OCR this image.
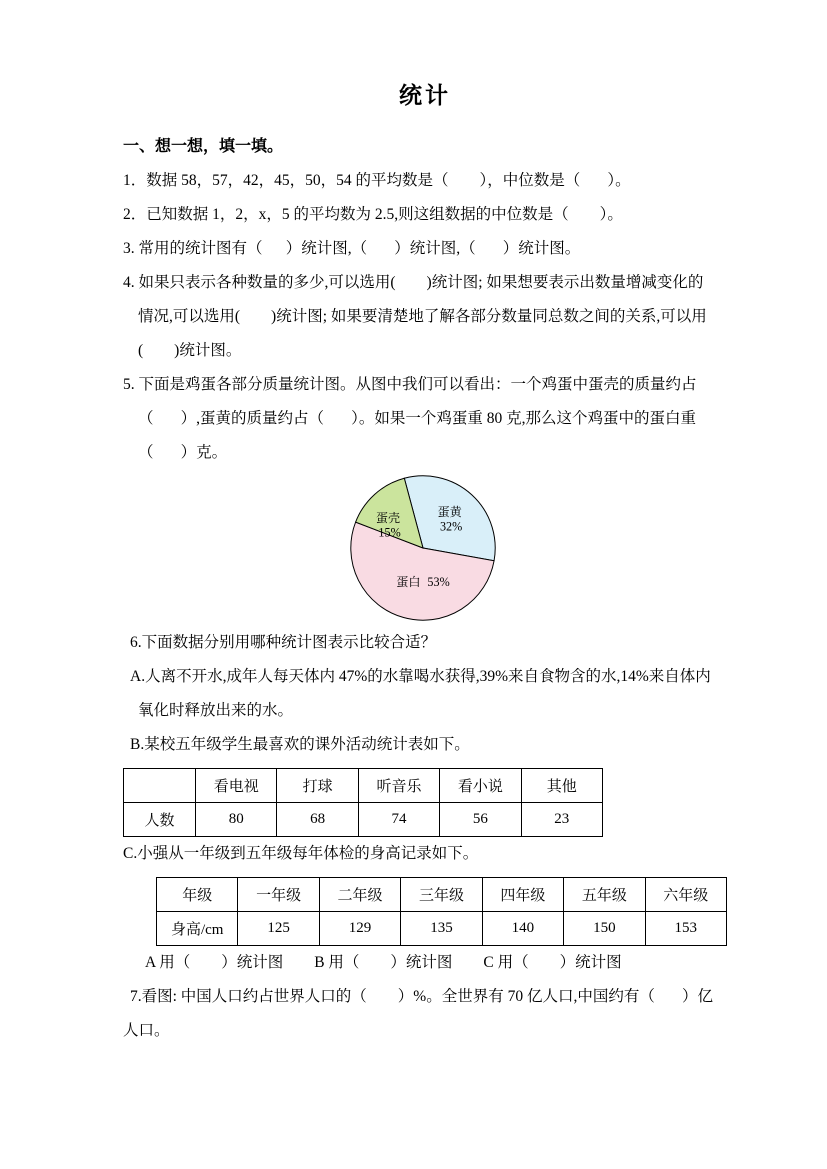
统计

一、想一想，填一填。

1．数据 58，57，42，45，50，54 的平均数是（        ），中位数是（       ）。

2．已知数据 1，2，x，5 的平均数为 2.5,则这组数据的中位数是（        ）。

3. 常用的统计图有（      ）统计图,（       ）统计图,（       ）统计图。

4. 如果只表示各种数量的多少,可以选用(        )统计图; 如果想要表示出数量增减变化的

情况,可以选用(        )统计图; 如果要清楚地了解各部分数量同总数之间的关系,可以用

(        )统计图。

5. 下面是鸡蛋各部分质量统计图。从图中我们可以看出：一个鸡蛋中蛋壳的质量约占

（       ）,蛋黄的质量约占（       ）。如果一个鸡蛋重 80 克,那么这个鸡蛋中的蛋白重

（       ）克。

蛋黄 32%
蛋壳 15%
蛋白 53%

6.下面数据分别用哪种统计图表示比较合适？

A.人离不开水,成年人每天体内 47%的水靠喝水获得,39%来自食物含的水,14%来自体内

氧化时释放出来的水。

B.某校五年级学生最喜欢的课外活动统计表如下。

	看电视	打球	听音乐	看小说	其他
人数	80	68	74	56	23

C.小强从一年级到五年级每年体检的身高记录如下。

年级	一年级	二年级	三年级	四年级	五年级	六年级
身高/cm	125	129	135	140	150	153

A 用（        ）统计图        B 用（        ）统计图        C 用（        ）统计图

7.看图: 中国人口约占世界人口的（        ）%。全世界有 70 亿人口,中国约有（       ）亿

人口。
